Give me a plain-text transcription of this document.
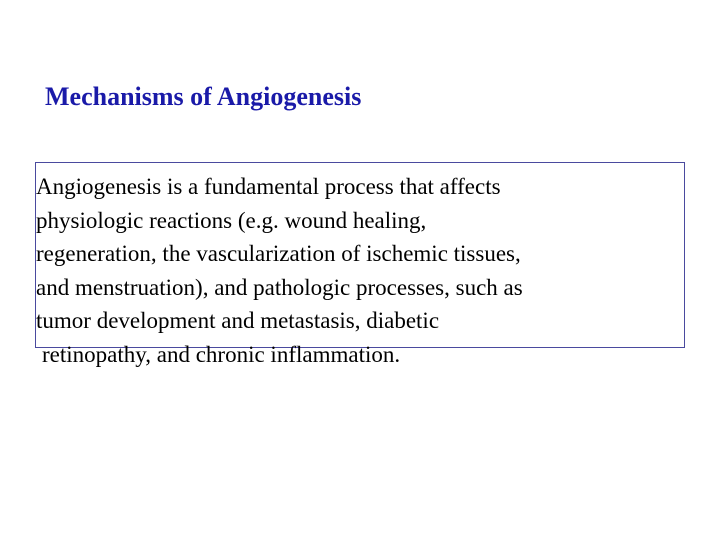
Mechanisms of Angiogenesis

Angiogenesis is a fundamental process that affects
physiologic reactions (e.g. wound healing,
regeneration, the vascularization of ischemic tissues,
and menstruation), and pathologic processes, such as
tumor development and metastasis, diabetic
retinopathy, and chronic inflammation.
